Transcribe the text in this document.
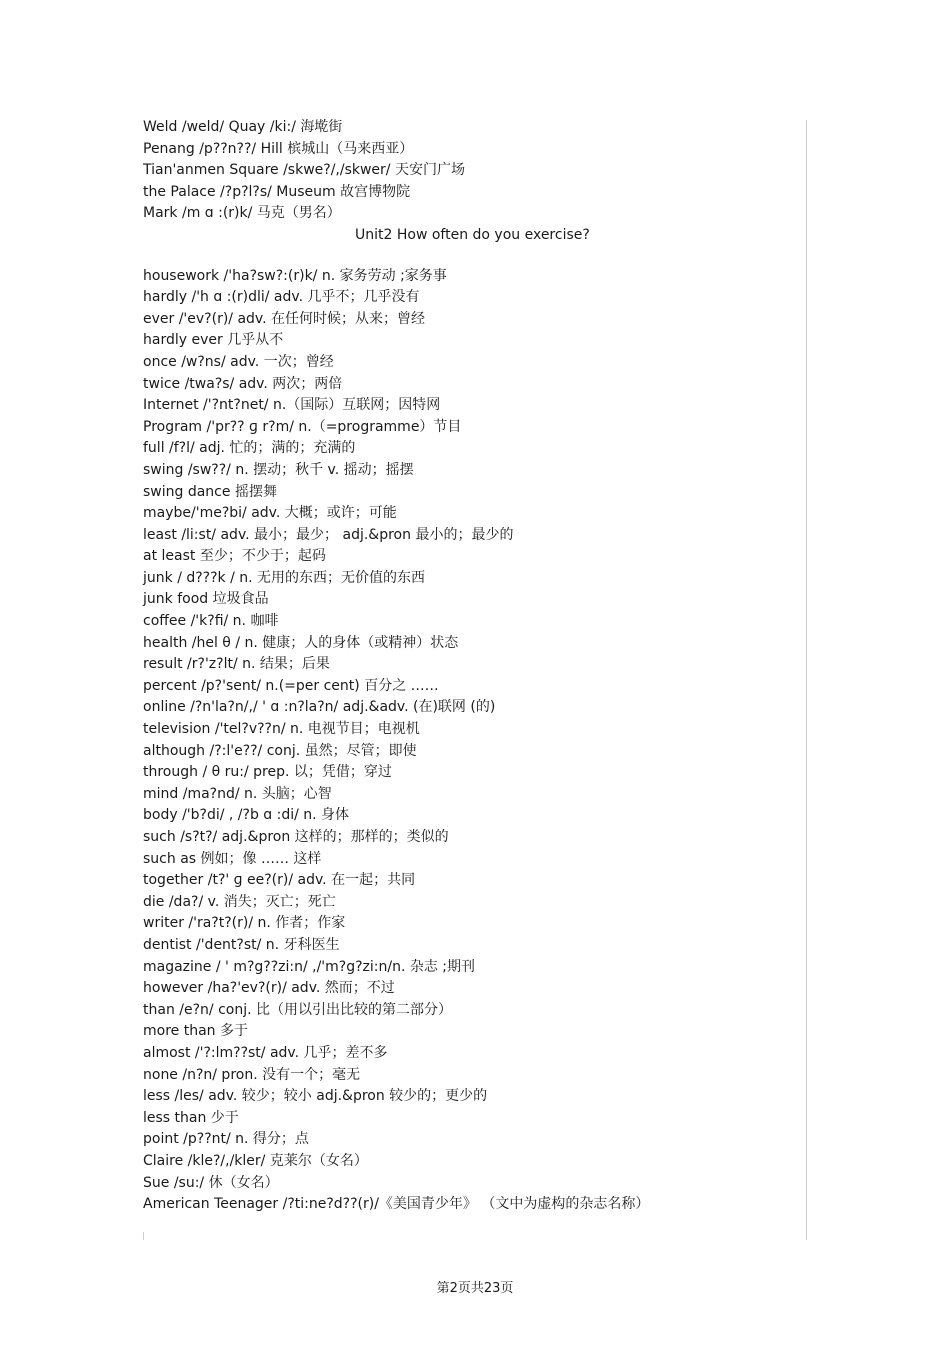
Weld /weld/ Quay /ki:/ 海墘街
Penang /p??n??/ Hill 槟城山（马来西亚）
Tian'anmen Square /skwe?/,/skwer/ 天安门广场
the Palace /?p?l?s/ Museum 故宫博物院
Mark /m ɑ :(r)k/ 马克（男名）
Unit2 How often do you exercise?
housework /'ha?sw?:(r)k/ n. 家务劳动 ;家务事
hardly /'h ɑ :(r)dli/ adv. 几乎不；几乎没有
ever /'ev?(r)/ adv. 在任何时候；从来；曾经
hardly ever 几乎从不
once /w?ns/ adv. 一次；曾经
twice /twa?s/ adv. 两次；两倍
Internet /'?nt?net/ n.（国际）互联网；因特网
Program /'pr?? ɡ r?m/ n.（=programme）节目
full /f?l/ adj. 忙的；满的；充满的
swing /sw??/ n. 摆动；秋千 v. 摇动；摇摆
swing dance 摇摆舞
maybe/'me?bi/ adv. 大概；或许；可能
least /li:st/ adv. 最小；最少； adj.&pron 最小的；最少的
at least 至少；不少于；起码
junk / d???k / n. 无用的东西；无价值的东西
junk food 垃圾食品
coffee /'k?fi/ n. 咖啡
health /hel θ / n. 健康；人的身体（或精神）状态
result /r?'z?lt/ n. 结果；后果
percent /p?'sent/ n.(=per cent) 百分之 ……
online /?n'la?n/,/ ' ɑ :n?la?n/ adj.&adv. (在)联网 (的)
television /'tel?v??n/ n. 电视节目；电视机
although /?:l'e??/ conj. 虽然；尽管；即使
through / θ ru:/ prep. 以；凭借；穿过
mind /ma?nd/ n. 头脑；心智
body /'b?di/ , /?b ɑ :di/ n. 身体
such /s?t?/ adj.&pron 这样的；那样的；类似的
such as 例如；像 …… 这样
together /t?' ɡ ee?(r)/ adv. 在一起；共同
die /da?/ v. 消失；灭亡；死亡
writer /'ra?t?(r)/ n. 作者；作家
dentist /'dent?st/ n. 牙科医生
magazine / ' m?g??zi:n/ ,/'m?g?zi:n/n. 杂志 ;期刊
however /ha?'ev?(r)/ adv. 然而；不过
than /e?n/ conj. 比（用以引出比较的第二部分）
more than 多于
almost /'?:lm??st/ adv. 几乎；差不多
none /n?n/ pron. 没有一个；毫无
less /les/ adv. 较少；较小 adj.&pron 较少的；更少的
less than 少于
point /p??nt/ n. 得分；点
Claire /kle?/,/kler/ 克莱尔（女名）
Sue /su:/ 休（女名）
American Teenager /?ti:ne?d??(r)/《美国青少年》 （文中为虚构的杂志名称）
第2页共23页
